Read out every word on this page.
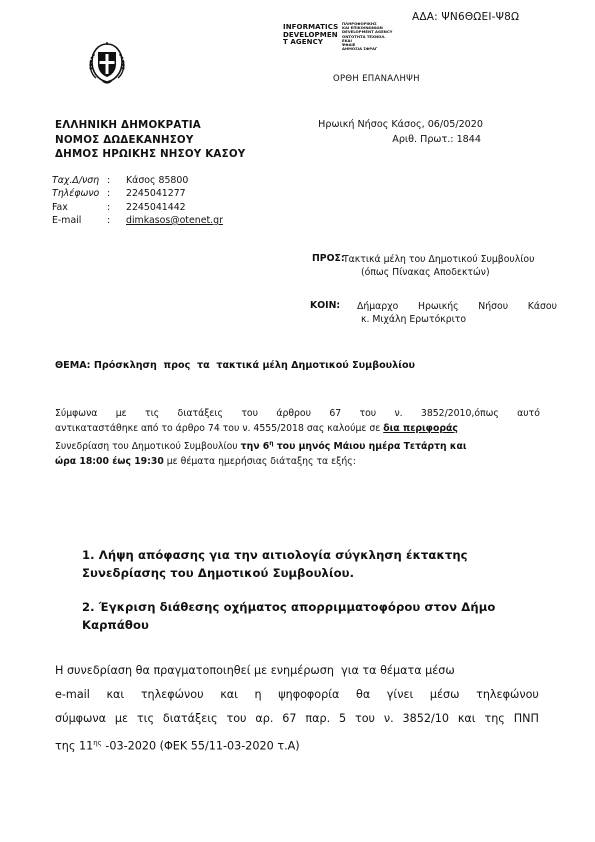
ΑΔΑ: ΨΝ6ΘΩΕΙ-Ψ8Ω
INFORMATICS
DEVELOPMEN
T AGENCY
ΠΛΗΡΟΦΟΡΙΚΗΣ
ΚΑΙ ΕΠΙΚΟΙΝΩΝΙΩΝ
DEVELOPMENT AGENCY
ΟΝΤΟΤΗΤΑ ΤΕΧΝΟΛ.
ΕΚΔΙ
ΨΦΑΙΕ
ΔΗΜΟΣΙΑ ΣΦΡΑΓ
ΟΡΘΗ ΕΠΑΝΑΛΗΨΗ
ΕΛΛΗΝΙΚΗ ΔΗΜΟΚΡΑΤΙΑ
ΝΟΜΟΣ ΔΩΔΕΚΑΝΗΣΟΥ
ΔΗΜΟΣ ΗΡΩΙΚΗΣ ΝΗΣΟΥ ΚΑΣΟΥ
Ηρωική Νήσος Κάσος, 06/05/2020
Αριθ. Πρωτ.: 1844
Ταχ.Δ/νση :	Κάσος 85800
Τηλέφωνο :	2245041277
Fax	:	2245041442
E-mail	:	dimkasos@otenet.gr
ΠΡΟΣ:
Τακτικά μέλη του Δημοτικού Συμβουλίου
(όπως Πίνακας Αποδεκτών)
ΚΟΙΝ: Δήμαρχο Ηρωικής Νήσου Κάσου
κ. Μιχάλη Ερωτόκριτο
ΘΕΜΑ: Πρόσκληση  προς  τα  τακτικά μέλη Δημοτικού Συμβουλίου
Σύμφωνα με τις διατάξεις του άρθρου 67 του ν. 3852/2010,όπως αυτό
αντικαταστάθηκε από το άρθρο 74 του ν. 4555/2018 σας καλούμε σε δια περιφοράς
Συνεδρίαση του Δημοτικού Συμβουλίου την $6^\eta$ του μηνός Μάιου ημέρα Τετάρτη και
ώρα 18:00 έως 19:30 με θέματα ημερήσιας διάταξης τα εξής:
1. Λήψη απόφασης για την αιτιολογία σύγκληση έκτακτης
Συνεδρίασης του Δημοτικού Συμβουλίου.
2. Έγκριση διάθεσης οχήματος απορριμματοφόρου στον Δήμο
Καρπάθου
Η συνεδρίαση θα πραγματοποιηθεί με ενημέρωση  για τα θέματα μέσω
e-mail και τηλεφώνου και η ψηφοφορία θα γίνει μέσω τηλεφώνου
σύμφωνα με τις διατάξεις του αρ. 67 παρ. 5 του ν. 3852/10 και της ΠΝΠ
της $11^{\eta\varsigma}$ -03-2020 (ΦΕΚ 55/11-03-2020 τ.Α)
